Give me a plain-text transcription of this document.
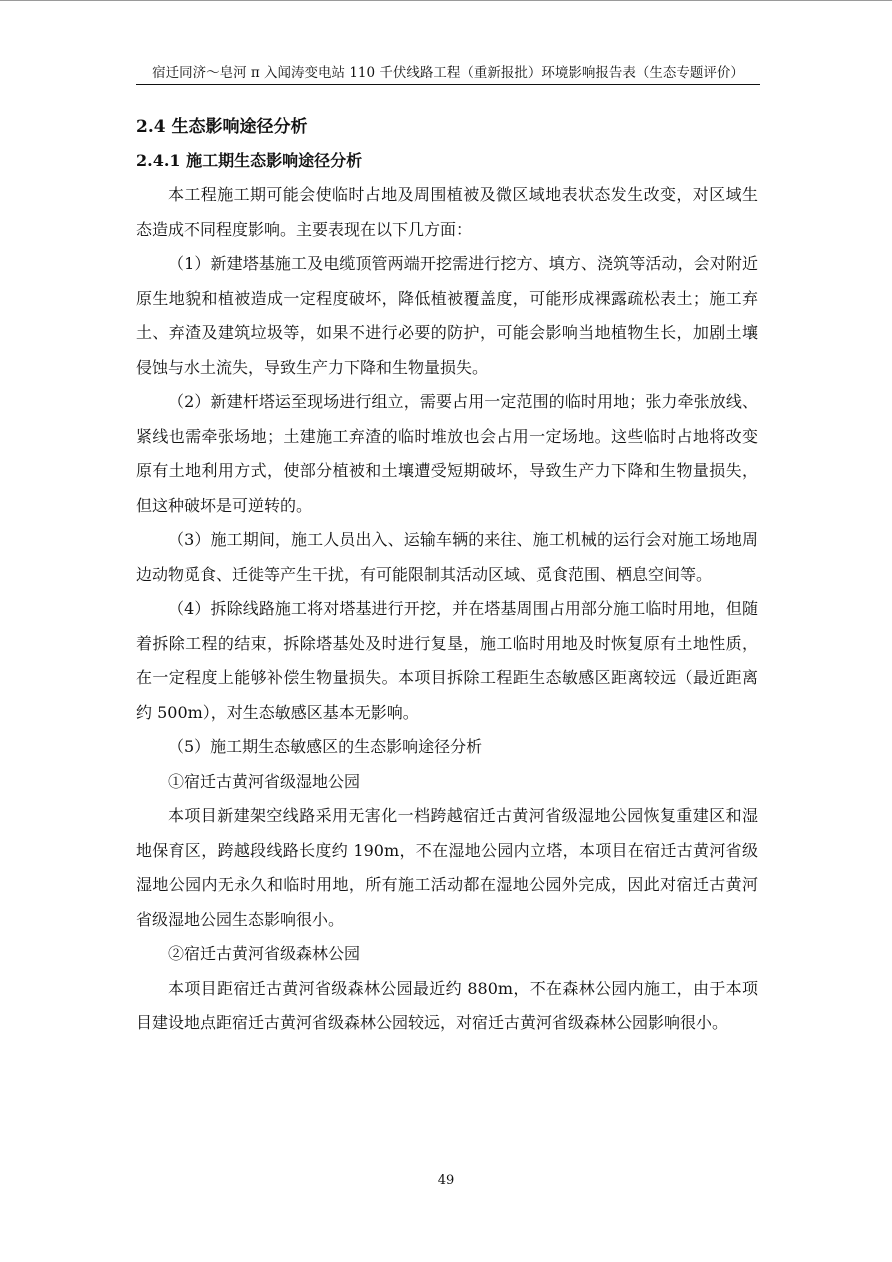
宿迁同济～皂河 π 入闻涛变电站 110 千伏线路工程（重新报批）环境影响报告表（生态专题评价）
2.4 生态影响途径分析
2.4.1 施工期生态影响途径分析

本工程施工期可能会使临时占地及周围植被及微区域地表状态发生改变，对区域生态造成不同程度影响。主要表现在以下几方面：

（1）新建塔基施工及电缆顶管两端开挖需进行挖方、填方、浇筑等活动，会对附近原生地貌和植被造成一定程度破坏，降低植被覆盖度，可能形成裸露疏松表土；施工弃土、弃渣及建筑垃圾等，如果不进行必要的防护，可能会影响当地植物生长，加剧土壤侵蚀与水土流失，导致生产力下降和生物量损失。

（2）新建杆塔运至现场进行组立，需要占用一定范围的临时用地；张力牵张放线、紧线也需牵张场地；土建施工弃渣的临时堆放也会占用一定场地。这些临时占地将改变原有土地利用方式，使部分植被和土壤遭受短期破坏，导致生产力下降和生物量损失，但这种破坏是可逆转的。

（3）施工期间，施工人员出入、运输车辆的来往、施工机械的运行会对施工场地周边动物觅食、迁徙等产生干扰，有可能限制其活动区域、觅食范围、栖息空间等。

（4）拆除线路施工将对塔基进行开挖，并在塔基周围占用部分施工临时用地，但随着拆除工程的结束，拆除塔基处及时进行复垦，施工临时用地及时恢复原有土地性质，在一定程度上能够补偿生物量损失。本项目拆除工程距生态敏感区距离较远（最近距离约 500m），对生态敏感区基本无影响。

（5）施工期生态敏感区的生态影响途径分析

①宿迁古黄河省级湿地公园

本项目新建架空线路采用无害化一档跨越宿迁古黄河省级湿地公园恢复重建区和湿地保育区，跨越段线路长度约 190m，不在湿地公园内立塔，本项目在宿迁古黄河省级湿地公园内无永久和临时用地，所有施工活动都在湿地公园外完成，因此对宿迁古黄河省级湿地公园生态影响很小。

②宿迁古黄河省级森林公园

本项目距宿迁古黄河省级森林公园最近约 880m，不在森林公园内施工，由于本项目建设地点距宿迁古黄河省级森林公园较远，对宿迁古黄河省级森林公园影响很小。

49
